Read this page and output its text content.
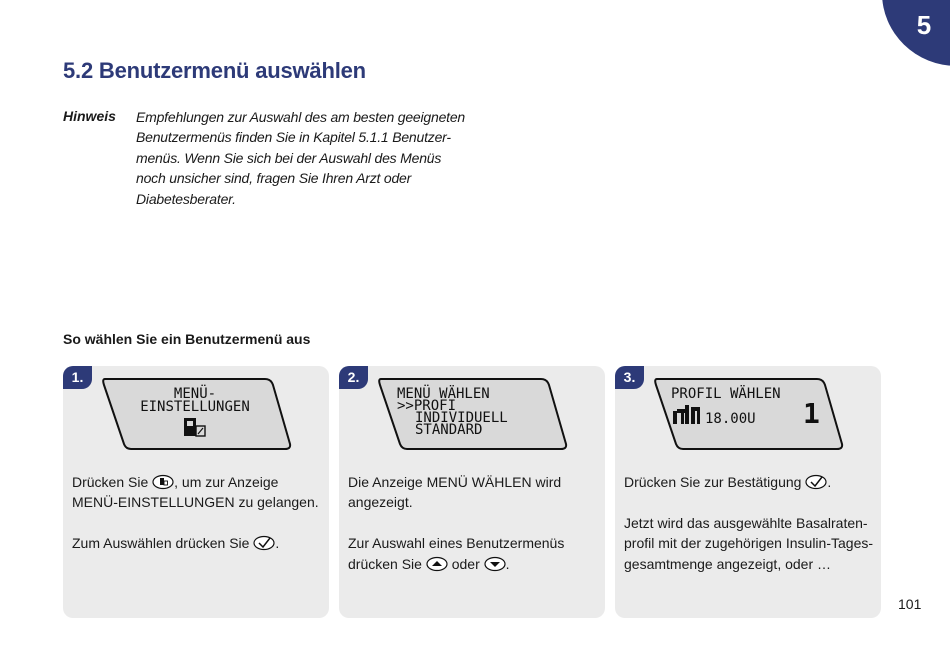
5
5.2 Benutzermenü auswählen
Hinweis Empfehlungen zur Auswahl des am besten geeigneten
Benutzermenüs finden Sie in Kapitel 5.1.1 Benutzer-
menüs. Wenn Sie sich bei der Auswahl des Menüs
noch unsicher sind, fragen Sie Ihren Arzt oder
Diabetesberater.
So wählen Sie ein Benutzermenü aus
1.
MENÜ-
EINSTELLUNGEN
Drücken Sie , um zur Anzeige
MENÜ-EINSTELLUNGEN zu gelangen.
Zum Auswählen drücken Sie .
2.
MENÜ WÄHLEN
>>PROFI
INDIVIDUELL
STANDARD
Die Anzeige MENÜ WÄHLEN wird
angezeigt.
Zur Auswahl eines Benutzermenüs
drücken Sie oder .
3.
PROFIL WÄHLEN
18.00U 1
Drücken Sie zur Bestätigung .
Jetzt wird das ausgewählte Basalraten-
profil mit der zugehörigen Insulin-Tages-
gesamtmenge angezeigt, oder …
101
